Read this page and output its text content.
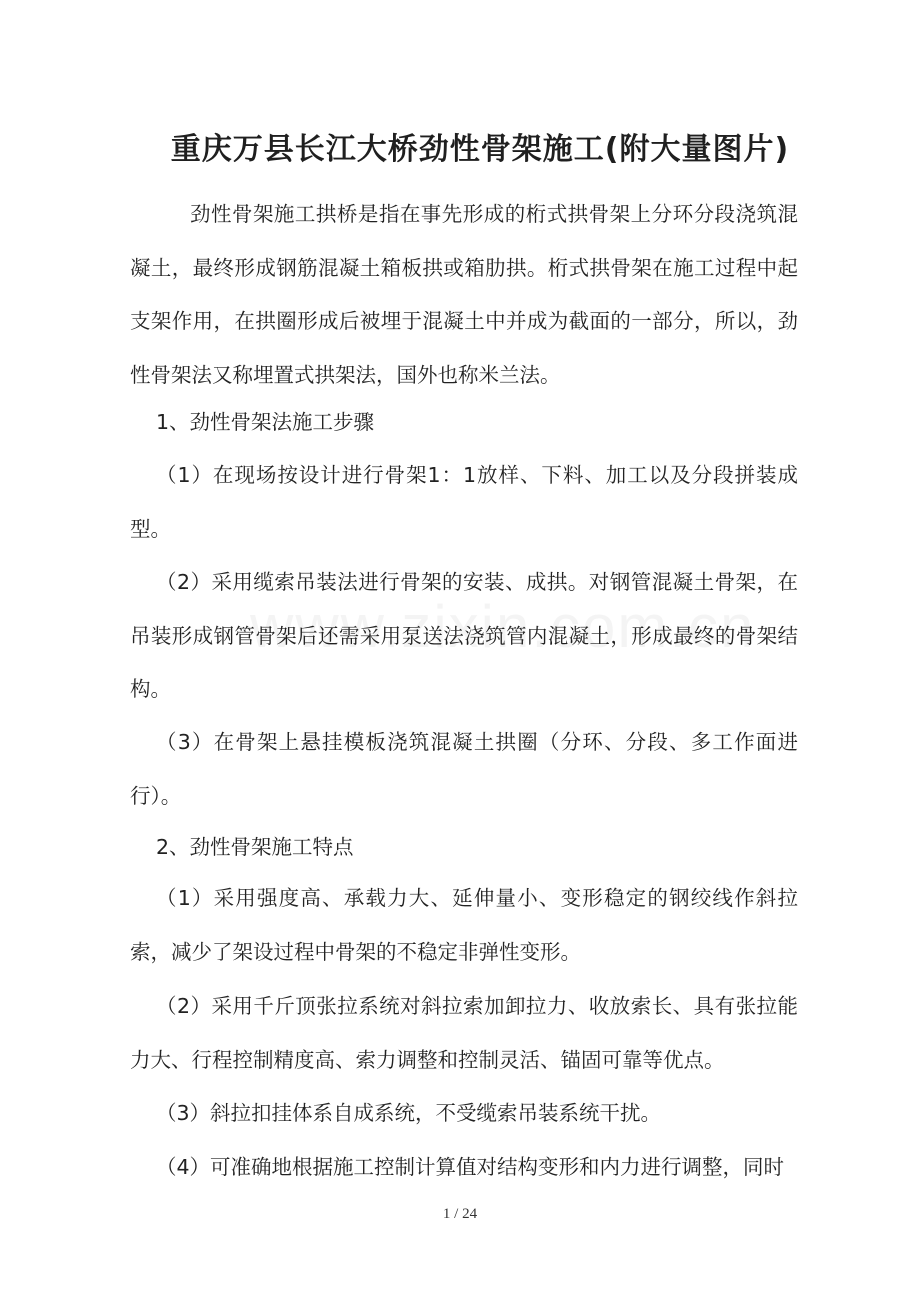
重庆万县长江大桥劲性骨架施工(附大量图片)

劲性骨架施工拱桥是指在事先形成的桁式拱骨架上分环分段浇筑混凝土，最终形成钢筋混凝土箱板拱或箱肋拱。桁式拱骨架在施工过程中起支架作用，在拱圈形成后被埋于混凝土中并成为截面的一部分，所以，劲性骨架法又称埋置式拱架法，国外也称米兰法。

1、劲性骨架法施工步骤

（1）在现场按设计进行骨架1：1放样、下料、加工以及分段拼装成型。

（2）采用缆索吊装法进行骨架的安装、成拱。对钢管混凝土骨架，在吊装形成钢管骨架后还需采用泵送法浇筑管内混凝土，形成最终的骨架结构。

（3）在骨架上悬挂模板浇筑混凝土拱圈（分环、分段、多工作面进行）。

2、劲性骨架施工特点

（1）采用强度高、承载力大、延伸量小、变形稳定的钢绞线作斜拉索，减少了架设过程中骨架的不稳定非弹性变形。

（2）采用千斤顶张拉系统对斜拉索加卸拉力、收放索长、具有张拉能力大、行程控制精度高、索力调整和控制灵活、锚固可靠等优点。

（3）斜拉扣挂体系自成系统，不受缆索吊装系统干扰。

（4）可准确地根据施工控制计算值对结构变形和内力进行调整，同时

1 / 24
